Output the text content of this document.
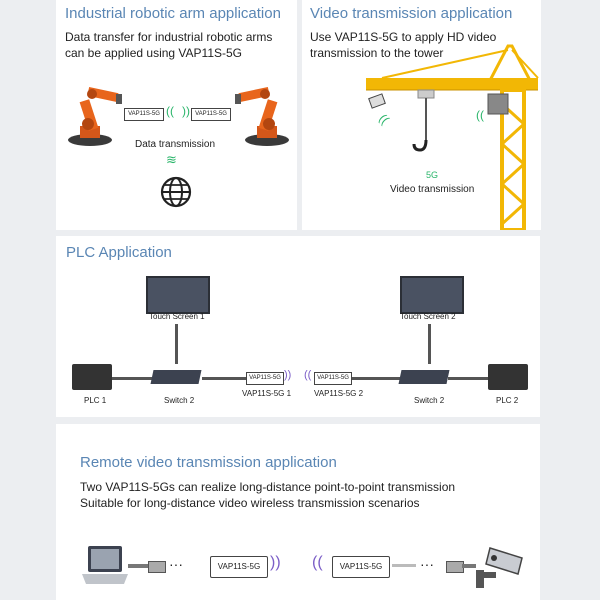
Industrial robotic arm application
Data transfer for industrial robotic arms
can be applied using VAP11S-5G
VAP11S-5G ((	VAP11S-5G
))
Data transmission
≋
Video transmission application
Use VAP11S-5G to apply HD video
transmission to the tower
((	((
5G
Video transmission
PLC Application
Touch Screen 1	Touch Screen 2
PLC 1	Switch 2
VAP11S-5G ))
VAP11S-5G 1
(( VAP11S-5G
VAP11S-5G 2
Switch 2	PLC 2
Remote video transmission application
Two VAP11S-5Gs can realize long-distance point-to-point transmission
Suitable for long-distance video wireless transmission scenarios
···	VAP11S-5G )) ((	VAP11S-5G	···
